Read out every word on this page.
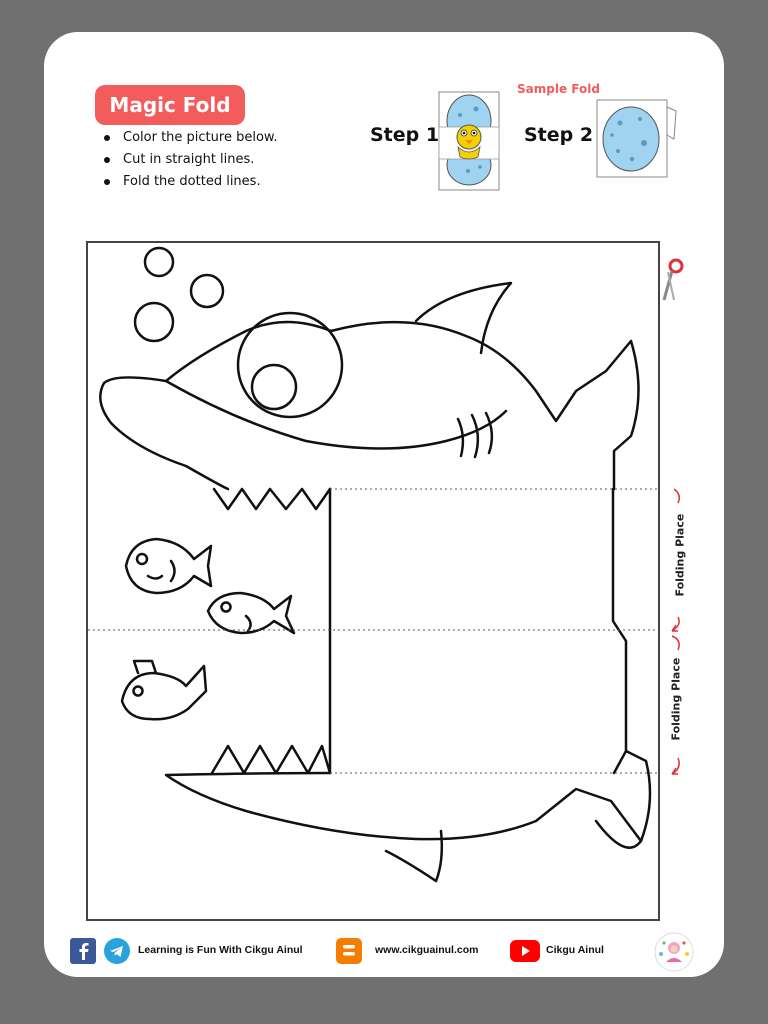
Magic Fold
Color the picture below.
Cut in straight lines.
Fold the dotted lines.
Sample Fold
Step 1	Step 2
Folding Place
Folding Place
Learning is Fun With Cikgu Ainul	www.cikguainul.com	Cikgu Ainul
